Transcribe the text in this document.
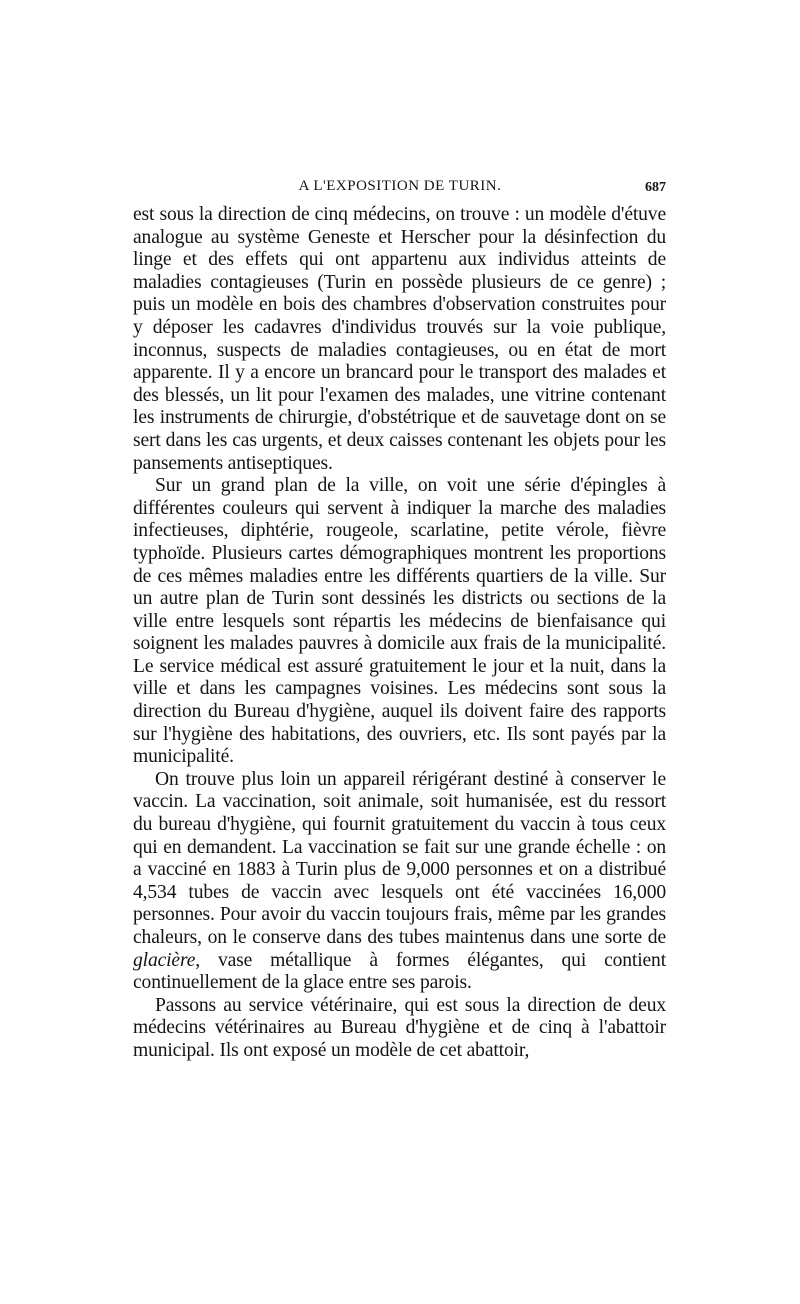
A L'EXPOSITION DE TURIN.	687

est sous la direction de cinq médecins, on trouve : un modèle d'étuve analogue au système Geneste et Herscher pour la désinfection du linge et des effets qui ont appartenu aux individus atteints de maladies contagieuses (Turin en possède plusieurs de ce genre) ; puis un modèle en bois des chambres d'observation construites pour y déposer les cadavres d'individus trouvés sur la voie publique, inconnus, suspects de maladies contagieuses, ou en état de mort apparente. Il y a encore un brancard pour le transport des malades et des blessés, un lit pour l'examen des malades, une vitrine contenant les instruments de chirurgie, d'obstétrique et de sauvetage dont on se sert dans les cas urgents, et deux caisses contenant les objets pour les pansements antiseptiques.

Sur un grand plan de la ville, on voit une série d'épingles à différentes couleurs qui servent à indiquer la marche des maladies infectieuses, diphtérie, rougeole, scarlatine, petite vérole, fièvre typhoïde. Plusieurs cartes démographiques montrent les proportions de ces mêmes maladies entre les différents quartiers de la ville. Sur un autre plan de Turin sont dessinés les districts ou sections de la ville entre lesquels sont répartis les médecins de bienfaisance qui soignent les malades pauvres à domicile aux frais de la municipalité. Le service médical est assuré gratuitement le jour et la nuit, dans la ville et dans les campagnes voisines. Les médecins sont sous la direction du Bureau d'hygiène, auquel ils doivent faire des rapports sur l'hygiène des habitations, des ouvriers, etc. Ils sont payés par la municipalité.

On trouve plus loin un appareil rérigérant destiné à conserver le vaccin. La vaccination, soit animale, soit humanisée, est du ressort du bureau d'hygiène, qui fournit gratuitement du vaccin à tous ceux qui en demandent. La vaccination se fait sur une grande échelle : on a vacciné en 1883 à Turin plus de 9,000 personnes et on a distribué 4,534 tubes de vaccin avec lesquels ont été vaccinées 16,000 personnes. Pour avoir du vaccin toujours frais, même par les grandes chaleurs, on le conserve dans des tubes maintenus dans une sorte de glacière, vase métallique à formes élégantes, qui contient continuellement de la glace entre ses parois.

Passons au service vétérinaire, qui est sous la direction de deux médecins vétérinaires au Bureau d'hygiène et de cinq à l'abattoir municipal. Ils ont exposé un modèle de cet abattoir,
